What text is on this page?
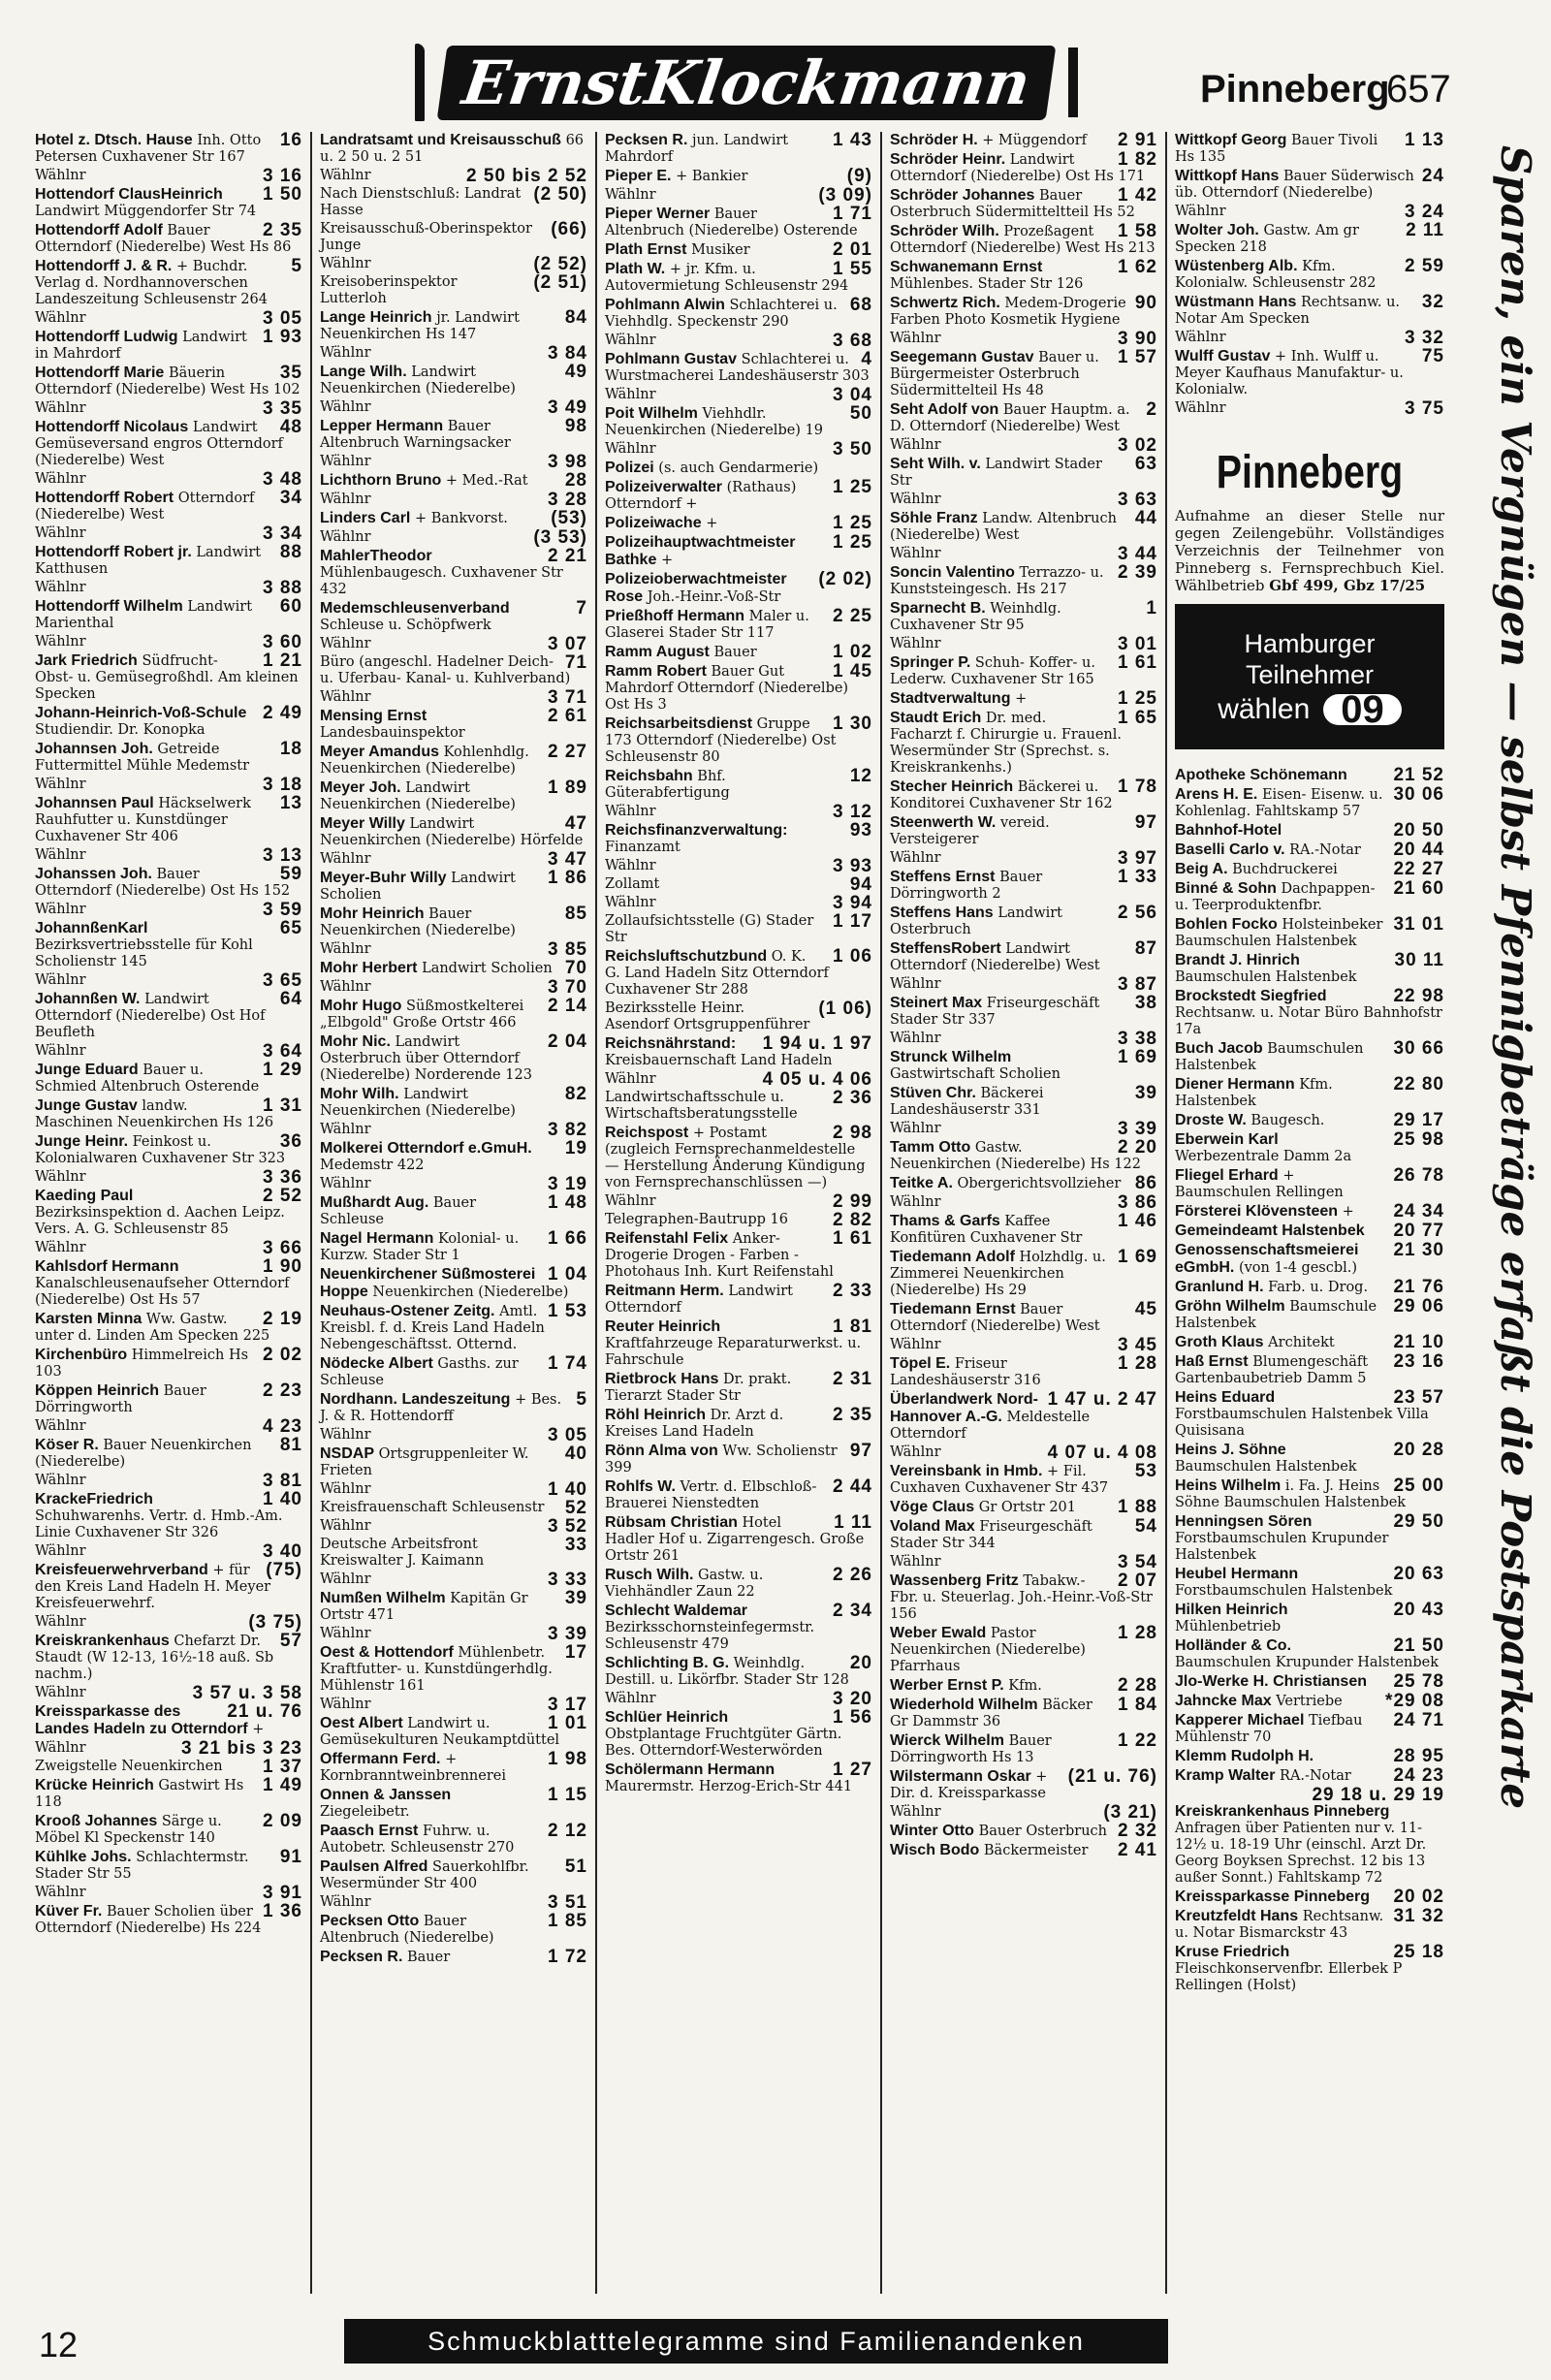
ErnstKlockmann	Pinneberg
657
16
Hotel z. Dtsch. Hause Inh. Otto Petersen Cuxhavener Str 167
3 16
Wählnr
1 50
Hottendorf ClausHeinrich Landwirt Müggendorfer Str 74
2 35
Hottendorff Adolf Bauer Otterndorf (Niederelbe) West Hs 86
5
Hottendorff J. & R. + Buchdr. Verlag d. Nordhannoverschen Landeszeitung Schleusenstr 264
3 05
Wählnr
1 93
Hottendorff Ludwig Landwirt in Mahrdorf
35
Hottendorff Marie Bäuerin Otterndorf (Niederelbe) West Hs 102
3 35
Wählnr
48
Hottendorff Nicolaus Landwirt Gemüseversand engros Otterndorf (Niederelbe) West
3 48
Wählnr
34
Hottendorff Robert Otterndorf (Niederelbe) West
3 34
Wählnr
88
Hottendorff Robert jr. Landwirt Katthusen
3 88
Wählnr
60
Hottendorff Wilhelm Landwirt Marienthal
3 60
Wählnr
1 21
Jark Friedrich Südfrucht-Obst- u. Gemüsegroßhdl. Am kleinen Specken
2 49
Johann-Heinrich-Voß-Schule Studiendir. Dr. Konopka
18
Johannsen Joh. Getreide Futtermittel Mühle Medemstr
3 18
Wählnr
13
Johannsen Paul Häckselwerk Rauhfutter u. Kunstdünger Cuxhavener Str 406
3 13
Wählnr
59
Johanssen Joh. Bauer Otterndorf (Niederelbe) Ost Hs 152
3 59
Wählnr
65
JohannßenKarl Bezirksvertriebsstelle für Kohl Scholienstr 145
3 65
Wählnr
64
Johannßen W. Landwirt Otterndorf (Niederelbe) Ost Hof Beufleth
3 64
Wählnr
1 29
Junge Eduard Bauer u. Schmied Altenbruch Osterende
1 31
Junge Gustav landw. Maschinen Neuenkirchen Hs 126
36
Junge Heinr. Feinkost u. Kolonialwaren Cuxhavener Str 323
3 36
Wählnr
2 52
Kaeding Paul Bezirksinspektion d. Aachen Leipz. Vers. A. G. Schleusenstr 85
3 66
Wählnr
1 90
Kahlsdorf Hermann Kanalschleusenaufseher Otterndorf (Niederelbe) Ost Hs 57
2 19
Karsten Minna Ww. Gastw. unter d. Linden Am Specken 225
2 02
Kirchenbüro Himmelreich Hs 103
2 23
Köppen Heinrich Bauer Dörringworth
4 23
Wählnr
81
Köser R. Bauer Neuenkirchen (Niederelbe)
3 81
Wählnr
1 40
KrackeFriedrich Schuhwarenhs. Vertr. d. Hmb.-Am. Linie Cuxhavener Str 326
3 40
Wählnr
(75)
Kreisfeuerwehrverband + für den Kreis Land Hadeln H. Meyer Kreisfeuerwehrf.
(3 75)
Wählnr
57
Kreiskrankenhaus Chefarzt Dr. Staudt (W 12-13, 16½-18 auß. Sb nachm.)
3 57 u. 3 58
Wählnr
21 u. 76
Kreissparkasse des Landes Hadeln zu Otterndorf +
3 21 bis 3 23
Wählnr
1 37
Zweigstelle Neuenkirchen
1 49
Krücke Heinrich Gastwirt Hs 118
2 09
Krooß Johannes Särge u. Möbel Kl Speckenstr 140
91
Kühlke Johs. Schlachtermstr. Stader Str 55
3 91
Wählnr
1 36
Küver Fr. Bauer Scholien über Otterndorf (Niederelbe) Hs 224
Landratsamt und Kreisausschuß 66 u. 2 50 u. 2 51
2 50 bis 2 52
Wählnr
(2 50)
Nach Dienstschluß: Landrat Hasse
(66)
Kreisausschuß-Oberinspektor Junge
(2 52)
Wählnr
(2 51)
Kreisoberinspektor Lutterloh
84
Lange Heinrich jr. Landwirt Neuenkirchen Hs 147
3 84
Wählnr
49
Lange Wilh. Landwirt Neuenkirchen (Niederelbe)
3 49
Wählnr
98
Lepper Hermann Bauer Altenbruch Warningsacker
3 98
Wählnr
28
Lichthorn Bruno + Med.-Rat
3 28
Wählnr
(53)
Linders Carl + Bankvorst.
(3 53)
Wählnr
2 21
MahlerTheodor Mühlenbaugesch. Cuxhavener Str 432
7
Medemschleusenverband Schleuse u. Schöpfwerk
3 07
Wählnr
71
Büro (angeschl. Hadelner Deich- u. Uferbau- Kanal- u. Kuhlverband)
3 71
Wählnr
2 61
Mensing Ernst Landesbauinspektor
2 27
Meyer Amandus Kohlenhdlg. Neuenkirchen (Niederelbe)
1 89
Meyer Joh. Landwirt Neuenkirchen (Niederelbe)
47
Meyer Willy Landwirt Neuenkirchen (Niederelbe) Hörfelde
3 47
Wählnr
1 86
Meyer-Buhr Willy Landwirt Scholien
85
Mohr Heinrich Bauer Neuenkirchen (Niederelbe)
3 85
Wählnr
70
Mohr Herbert Landwirt Scholien
3 70
Wählnr
2 14
Mohr Hugo Süßmostkelterei „Elbgold" Große Ortstr 466
2 04
Mohr Nic. Landwirt Osterbruch über Otterndorf (Niederelbe) Norderende 123
82
Mohr Wilh. Landwirt Neuenkirchen (Niederelbe)
3 82
Wählnr
19
Molkerei Otterndorf e.GmuH. Medemstr 422
3 19
Wählnr
1 48
Mußhardt Aug. Bauer Schleuse
1 66
Nagel Hermann Kolonial- u. Kurzw. Stader Str 1
1 04
Neuenkirchener Süßmosterei Hoppe Neuenkirchen (Niederelbe)
1 53
Neuhaus-Ostener Zeitg. Amtl. Kreisbl. f. d. Kreis Land Hadeln Nebengeschäftsst. Otternd.
1 74
Nödecke Albert Gasths. zur Schleuse
5
Nordhann. Landeszeitung + Bes. J. & R. Hottendorff
3 05
Wählnr
40
NSDAP Ortsgruppenleiter W. Frieten
1 40
Wählnr
52
Kreisfrauenschaft Schleusenstr
3 52
Wählnr
33
Deutsche Arbeitsfront Kreiswalter J. Kaimann
3 33
Wählnr
39
Numßen Wilhelm Kapitän Gr Ortstr 471
3 39
Wählnr
17
Oest & Hottendorf Mühlenbetr. Kraftfutter- u. Kunstdüngerhdlg. Mühlenstr 161
3 17
Wählnr
1 01
Oest Albert Landwirt u. Gemüsekulturen Neukamptdüttel
1 98
Offermann Ferd. + Kornbranntweinbrennerei
1 15
Onnen & Janssen Ziegeleibetr.
2 12
Paasch Ernst Fuhrw. u. Autobetr. Schleusenstr 270
51
Paulsen Alfred Sauerkohlfbr. Wesermünder Str 400
3 51
Wählnr
1 85
Pecksen Otto Bauer Altenbruch (Niederelbe)
1 72
Pecksen R. Bauer
1 43
Pecksen R. jun. Landwirt Mahrdorf
(9)
Pieper E. + Bankier
(3 09)
Wählnr
1 71
Pieper Werner Bauer Altenbruch (Niederelbe) Osterende
2 01
Plath Ernst Musiker
1 55
Plath W. + jr. Kfm. u. Autovermietung Schleusenstr 294
68
Pohlmann Alwin Schlachterei u. Viehhdlg. Speckenstr 290
3 68
Wählnr
4
Pohlmann Gustav Schlachterei u. Wurstmacherei Landeshäuserstr 303
3 04
Wählnr
50
Poit Wilhelm Viehhdlr. Neuenkirchen (Niederelbe) 19
3 50
Wählnr
Polizei (s. auch Gendarmerie)
1 25
Polizeiverwalter (Rathaus) Otterndorf +
1 25
Polizeiwache +
1 25
Polizeihauptwachtmeister Bathke +
(2 02)
Polizeioberwachtmeister Rose Joh.-Heinr.-Voß-Str
2 25
Prießhoff Hermann Maler u. Glaserei Stader Str 117
1 02
Ramm August Bauer
1 45
Ramm Robert Bauer Gut Mahrdorf Otterndorf (Niederelbe) Ost Hs 3
1 30
Reichsarbeitsdienst Gruppe 173 Otterndorf (Niederelbe) Ost Schleusenstr 80
12
Reichsbahn Bhf. Güterabfertigung
3 12
Wählnr
93
Reichsfinanzverwaltung: Finanzamt
3 93
Wählnr
94
Zollamt
3 94
Wählnr
1 17
Zollaufsichtsstelle (G) Stader Str
1 06
Reichsluftschutzbund O. K. G. Land Hadeln Sitz Otterndorf Cuxhavener Str 288
(1 06)
Bezirksstelle Heinr. Asendorf Ortsgruppenführer
1 94 u. 1 97
Reichsnährstand: Kreisbauernschaft Land Hadeln
4 05 u. 4 06
Wählnr
2 36
Landwirtschaftsschule u. Wirtschaftsberatungsstelle
2 98
Reichspost + Postamt (zugleich Fernsprechanmeldestelle — Herstellung Änderung Kündigung von Fernsprechanschlüssen —)
2 99
Wählnr
2 82
Telegraphen-Bautrupp 16
1 61
Reifenstahl Felix Anker-Drogerie Drogen - Farben - Photohaus Inh. Kurt Reifenstahl
2 33
Reitmann Herm. Landwirt Otterndorf
1 81
Reuter Heinrich Kraftfahrzeuge Reparaturwerkst. u. Fahrschule
2 31
Rietbrock Hans Dr. prakt. Tierarzt Stader Str
2 35
Röhl Heinrich Dr. Arzt d. Kreises Land Hadeln
97
Rönn Alma von Ww. Scholienstr 399
2 44
Rohlfs W. Vertr. d. Elbschloß-Brauerei Nienstedten
1 11
Rübsam Christian Hotel Hadler Hof u. Zigarrengesch. Große Ortstr 261
2 26
Rusch Wilh. Gastw. u. Viehhändler Zaun 22
2 34
Schlecht Waldemar Bezirksschornsteinfegermstr. Schleusenstr 479
20
Schlichting B. G. Weinhdlg. Destill. u. Likörfbr. Stader Str 128
3 20
Wählnr
1 56
Schlüer Heinrich Obstplantage Fruchtgüter Gärtn. Bes. Otterndorf-Westerwörden
1 27
Schölermann Hermann Maurermstr. Herzog-Erich-Str 441
2 91
Schröder H. + Müggendorf
1 82
Schröder Heinr. Landwirt Otterndorf (Niederelbe) Ost Hs 171
1 42
Schröder Johannes Bauer Osterbruch Südermitteltteil Hs 52
1 58
Schröder Wilh. Prozeßagent Otterndorf (Niederelbe) West Hs 213
1 62
Schwanemann Ernst Mühlenbes. Stader Str 126
90
Schwertz Rich. Medem-Drogerie Farben Photo Kosmetik Hygiene
3 90
Wählnr
1 57
Seegemann Gustav Bauer u. Bürgermeister Osterbruch Südermittelteil Hs 48
2
Seht Adolf von Bauer Hauptm. a. D. Otterndorf (Niederelbe) West
3 02
Wählnr
63
Seht Wilh. v. Landwirt Stader Str
3 63
Wählnr
44
Söhle Franz Landw. Altenbruch (Niederelbe) West
3 44
Wählnr
2 39
Soncin Valentino Terrazzo- u. Kunststeingesch. Hs 217
1
Sparnecht B. Weinhdlg. Cuxhavener Str 95
3 01
Wählnr
1 61
Springer P. Schuh- Koffer- u. Lederw. Cuxhavener Str 165
1 25
Stadtverwaltung +
1 65
Staudt Erich Dr. med. Facharzt f. Chirurgie u. Frauenl. Wesermünder Str (Sprechst. s. Kreiskrankenhs.)
1 78
Stecher Heinrich Bäckerei u. Konditorei Cuxhavener Str 162
97
Steenwerth W. vereid. Versteigerer
3 97
Wählnr
1 33
Steffens Ernst Bauer Dörringworth 2
2 56
Steffens Hans Landwirt Osterbruch
87
SteffensRobert Landwirt Otterndorf (Niederelbe) West
3 87
Wählnr
38
Steinert Max Friseurgeschäft Stader Str 337
3 38
Wählnr
1 69
Strunck Wilhelm Gastwirtschaft Scholien
39
Stüven Chr. Bäckerei Landeshäuserstr 331
3 39
Wählnr
2 20
Tamm Otto Gastw. Neuenkirchen (Niederelbe) Hs 122
86
Teitke A. Obergerichtsvollzieher
3 86
Wählnr
1 46
Thams & Garfs Kaffee Konfitüren Cuxhavener Str
1 69
Tiedemann Adolf Holzhdlg. u. Zimmerei Neuenkirchen (Niederelbe) Hs 29
45
Tiedemann Ernst Bauer Otterndorf (Niederelbe) West
3 45
Wählnr
1 28
Töpel E. Friseur Landeshäuserstr 316
1 47 u. 2 47
Überlandwerk Nord-Hannover A.-G. Meldestelle Otterndorf
4 07 u. 4 08
Wählnr
53
Vereinsbank in Hmb. + Fil. Cuxhaven Cuxhavener Str 437
1 88
Vöge Claus Gr Ortstr 201
54
Voland Max Friseurgeschäft Stader Str 344
3 54
Wählnr
2 07
Wassenberg Fritz Tabakw.-Fbr. u. Steuerlag. Joh.-Heinr.-Voß-Str 156
1 28
Weber Ewald Pastor Neuenkirchen (Niederelbe) Pfarrhaus
2 28
Werber Ernst P. Kfm.
1 84
Wiederhold Wilhelm Bäcker Gr Dammstr 36
1 22
Wierck Wilhelm Bauer Dörringworth Hs 13
(21 u. 76)
Wilstermann Oskar + Dir. d. Kreissparkasse
(3 21)
Wählnr
2 32
Winter Otto Bauer Osterbruch
2 41
Wisch Bodo Bäckermeister
1 13
Wittkopf Georg Bauer Tivoli Hs 135
24
Wittkopf Hans Bauer Süderwisch üb. Otterndorf (Niederelbe)
3 24
Wählnr
2 11
Wolter Joh. Gastw. Am gr Specken 218
2 59
Wüstenberg Alb. Kfm. Kolonialw. Schleusenstr 282
32
Wüstmann Hans Rechtsanw. u. Notar Am Specken
3 32
Wählnr
75
Wulff Gustav + Inh. Wulff u. Meyer Kaufhaus Manufaktur- u. Kolonialw.
3 75
Wählnr
Pinneberg
Aufnahme an dieser Stelle nur gegen Zeilengebühr. Vollständiges Verzeichnis der Teilnehmer von Pinneberg s. Fernsprechbuch Kiel. Wählbetrieb Gbf 499, Gbz 17/25
Hamburger
Teilnehmer
wählen 09
21 52
Apotheke Schönemann
30 06
Arens H. E. Eisen- Eisenw. u. Kohlenlag. Fahltskamp 57
20 50
Bahnhof-Hotel
20 44
Baselli Carlo v. RA.-Notar
22 27
Beig A. Buchdruckerei
21 60
Binné & Sohn Dachpappen- u. Teerproduktenfbr.
31 01
Bohlen Focko Holsteinbeker Baumschulen Halstenbek
30 11
Brandt J. Hinrich Baumschulen Halstenbek
22 98
Brockstedt Siegfried Rechtsanw. u. Notar Büro Bahnhofstr 17a
30 66
Buch Jacob Baumschulen Halstenbek
22 80
Diener Hermann Kfm. Halstenbek
29 17
Droste W. Baugesch.
25 98
Eberwein Karl Werbezentrale Damm 2a
26 78
Fliegel Erhard + Baumschulen Rellingen
24 34
Försterei Klövensteen +
20 77
Gemeindeamt Halstenbek
21 30
Genossenschaftsmeierei eGmbH. (von 1-4 gescbl.)
21 76
Granlund H. Farb. u. Drog.
29 06
Gröhn Wilhelm Baumschule Halstenbek
21 10
Groth Klaus Architekt
23 16
Haß Ernst Blumengeschäft Gartenbaubetrieb Damm 5
23 57
Heins Eduard Forstbaumschulen Halstenbek Villa Quisisana
20 28
Heins J. Söhne Baumschulen Halstenbek
25 00
Heins Wilhelm i. Fa. J. Heins Söhne Baumschulen Halstenbek
29 50
Henningsen Sören Forstbaumschulen Krupunder Halstenbek
20 63
Heubel Hermann Forstbaumschulen Halstenbek
20 43
Hilken Heinrich Mühlenbetrieb
21 50
Holländer & Co. Baumschulen Krupunder Halstenbek
25 78
Jlo-Werke H. Christiansen
*29 08
Jahncke Max Vertriebe
24 71
Kapperer Michael Tiefbau Mühlenstr 70
28 95
Klemm Rudolph H.
24 23
Kramp Walter RA.-Notar
29 18 u. 29 19
Kreiskrankenhaus Pinneberg Anfragen über Patienten nur v. 11-12½ u. 18-19 Uhr (einschl. Arzt Dr. Georg Boyksen Sprechst. 12 bis 13 außer Sonnt.) Fahltskamp 72
20 02
Kreissparkasse Pinneberg
31 32
Kreutzfeldt Hans Rechtsanw. u. Notar Bismarckstr 43
25 18
Kruse Friedrich Fleischkonservenfbr. Ellerbek P Rellingen (Holst)
Sparen, ein Vergnügen — selbst Pfennigbeträge erfaßt die Postsparkarte
12	Schmuckblatttelegramme sind Familienandenken
